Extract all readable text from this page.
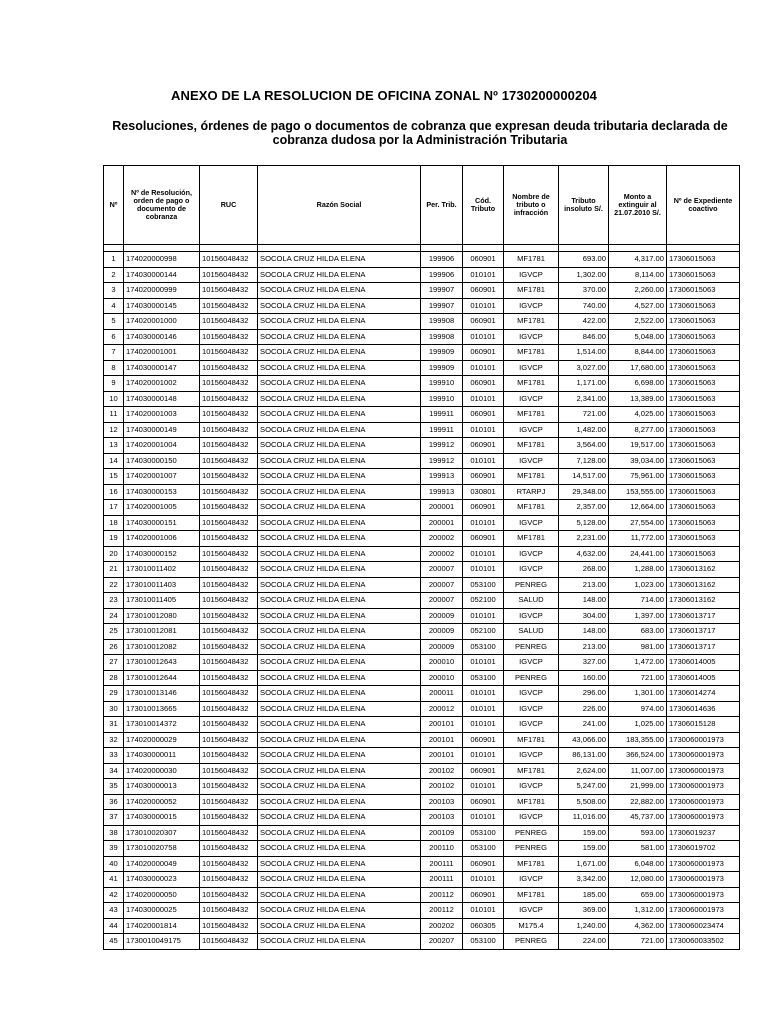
ANEXO DE LA RESOLUCION DE OFICINA ZONAL Nº 1730200000204
Resoluciones, órdenes de pago o documentos de cobranza que expresan deuda tributaria declarada de cobranza dudosa por la Administración Tributaria
Nº	Nº de Resolución, orden de pago o documento de cobranza	RUC	Razón Social	Per. Trib.	Cód. Tributo	Nombre de tributo o infracción	Tributo insoluto S/.	Monto a extinguir al 21.07.2010 S/.	Nº de Expediente coactivo

1	174020000998	10156048432	SOCOLA CRUZ HILDA ELENA	199906	060901	MF1781	693.00	4,317.00	17306015063
2	174030000144	10156048432	SOCOLA CRUZ HILDA ELENA	199906	010101	IGVCP	1,302.00	8,114.00	17306015063
3	174020000999	10156048432	SOCOLA CRUZ HILDA ELENA	199907	060901	MF1781	370.00	2,260.00	17306015063
4	174030000145	10156048432	SOCOLA CRUZ HILDA ELENA	199907	010101	IGVCP	740.00	4,527.00	17306015063
5	174020001000	10156048432	SOCOLA CRUZ HILDA ELENA	199908	060901	MF1781	422.00	2,522.00	17306015063
6	174030000146	10156048432	SOCOLA CRUZ HILDA ELENA	199908	010101	IGVCP	846.00	5,048.00	17306015063
7	174020001001	10156048432	SOCOLA CRUZ HILDA ELENA	199909	060901	MF1781	1,514.00	8,844.00	17306015063
8	174030000147	10156048432	SOCOLA CRUZ HILDA ELENA	199909	010101	IGVCP	3,027.00	17,680.00	17306015063
9	174020001002	10156048432	SOCOLA CRUZ HILDA ELENA	199910	060901	MF1781	1,171.00	6,698.00	17306015063
10	174030000148	10156048432	SOCOLA CRUZ HILDA ELENA	199910	010101	IGVCP	2,341.00	13,389.00	17306015063
11	174020001003	10156048432	SOCOLA CRUZ HILDA ELENA	199911	060901	MF1781	721.00	4,025.00	17306015063
12	174030000149	10156048432	SOCOLA CRUZ HILDA ELENA	199911	010101	IGVCP	1,482.00	8,277.00	17306015063
13	174020001004	10156048432	SOCOLA CRUZ HILDA ELENA	199912	060901	MF1781	3,564.00	19,517.00	17306015063
14	174030000150	10156048432	SOCOLA CRUZ HILDA ELENA	199912	010101	IGVCP	7,128.00	39,034.00	17306015063
15	174020001007	10156048432	SOCOLA CRUZ HILDA ELENA	199913	060901	MF1781	14,517.00	75,961.00	17306015063
16	174030000153	10156048432	SOCOLA CRUZ HILDA ELENA	199913	030801	RTARPJ	29,348.00	153,555.00	17306015063
17	174020001005	10156048432	SOCOLA CRUZ HILDA ELENA	200001	060901	MF1781	2,357.00	12,664.00	17306015063
18	174030000151	10156048432	SOCOLA CRUZ HILDA ELENA	200001	010101	IGVCP	5,128.00	27,554.00	17306015063
19	174020001006	10156048432	SOCOLA CRUZ HILDA ELENA	200002	060901	MF1781	2,231.00	11,772.00	17306015063
20	174030000152	10156048432	SOCOLA CRUZ HILDA ELENA	200002	010101	IGVCP	4,632.00	24,441.00	17306015063
21	173010011402	10156048432	SOCOLA CRUZ HILDA ELENA	200007	010101	IGVCP	268.00	1,288.00	17306013162
22	173010011403	10156048432	SOCOLA CRUZ HILDA ELENA	200007	053100	PENREG	213.00	1,023.00	17306013162
23	173010011405	10156048432	SOCOLA CRUZ HILDA ELENA	200007	052100	SALUD	148.00	714.00	17306013162
24	173010012080	10156048432	SOCOLA CRUZ HILDA ELENA	200009	010101	IGVCP	304.00	1,397.00	17306013717
25	173010012081	10156048432	SOCOLA CRUZ HILDA ELENA	200009	052100	SALUD	148.00	683.00	17306013717
26	173010012082	10156048432	SOCOLA CRUZ HILDA ELENA	200009	053100	PENREG	213.00	981.00	17306013717
27	173010012643	10156048432	SOCOLA CRUZ HILDA ELENA	200010	010101	IGVCP	327.00	1,472.00	17306014005
28	173010012644	10156048432	SOCOLA CRUZ HILDA ELENA	200010	053100	PENREG	160.00	721.00	17306014005
29	173010013146	10156048432	SOCOLA CRUZ HILDA ELENA	200011	010101	IGVCP	296.00	1,301.00	17306014274
30	173010013665	10156048432	SOCOLA CRUZ HILDA ELENA	200012	010101	IGVCP	226.00	974.00	17306014636
31	173010014372	10156048432	SOCOLA CRUZ HILDA ELENA	200101	010101	IGVCP	241.00	1,025.00	17306015128
32	174020000029	10156048432	SOCOLA CRUZ HILDA ELENA	200101	060901	MF1781	43,066.00	183,355.00	1730060001973
33	174030000011	10156048432	SOCOLA CRUZ HILDA ELENA	200101	010101	IGVCP	86,131.00	366,524.00	1730060001973
34	174020000030	10156048432	SOCOLA CRUZ HILDA ELENA	200102	060901	MF1781	2,624.00	11,007.00	1730060001973
35	174030000013	10156048432	SOCOLA CRUZ HILDA ELENA	200102	010101	IGVCP	5,247.00	21,999.00	1730060001973
36	174020000052	10156048432	SOCOLA CRUZ HILDA ELENA	200103	060901	MF1781	5,508.00	22,882.00	1730060001973
37	174030000015	10156048432	SOCOLA CRUZ HILDA ELENA	200103	010101	IGVCP	11,016.00	45,737.00	1730060001973
38	173010020307	10156048432	SOCOLA CRUZ HILDA ELENA	200109	053100	PENREG	159.00	593.00	17306019237
39	173010020758	10156048432	SOCOLA CRUZ HILDA ELENA	200110	053100	PENREG	159.00	581.00	17306019702
40	174020000049	10156048432	SOCOLA CRUZ HILDA ELENA	200111	060901	MF1781	1,671.00	6,048.00	1730060001973
41	174030000023	10156048432	SOCOLA CRUZ HILDA ELENA	200111	010101	IGVCP	3,342.00	12,080.00	1730060001973
42	174020000050	10156048432	SOCOLA CRUZ HILDA ELENA	200112	060901	MF1781	185.00	659.00	1730060001973
43	174030000025	10156048432	SOCOLA CRUZ HILDA ELENA	200112	010101	IGVCP	369.00	1,312.00	1730060001973
44	174020001814	10156048432	SOCOLA CRUZ HILDA ELENA	200202	060305	M175.4	1,240.00	4,362.00	1730060023474
45	1730010049175	10156048432	SOCOLA CRUZ HILDA ELENA	200207	053100	PENREG	224.00	721.00	1730060033502
